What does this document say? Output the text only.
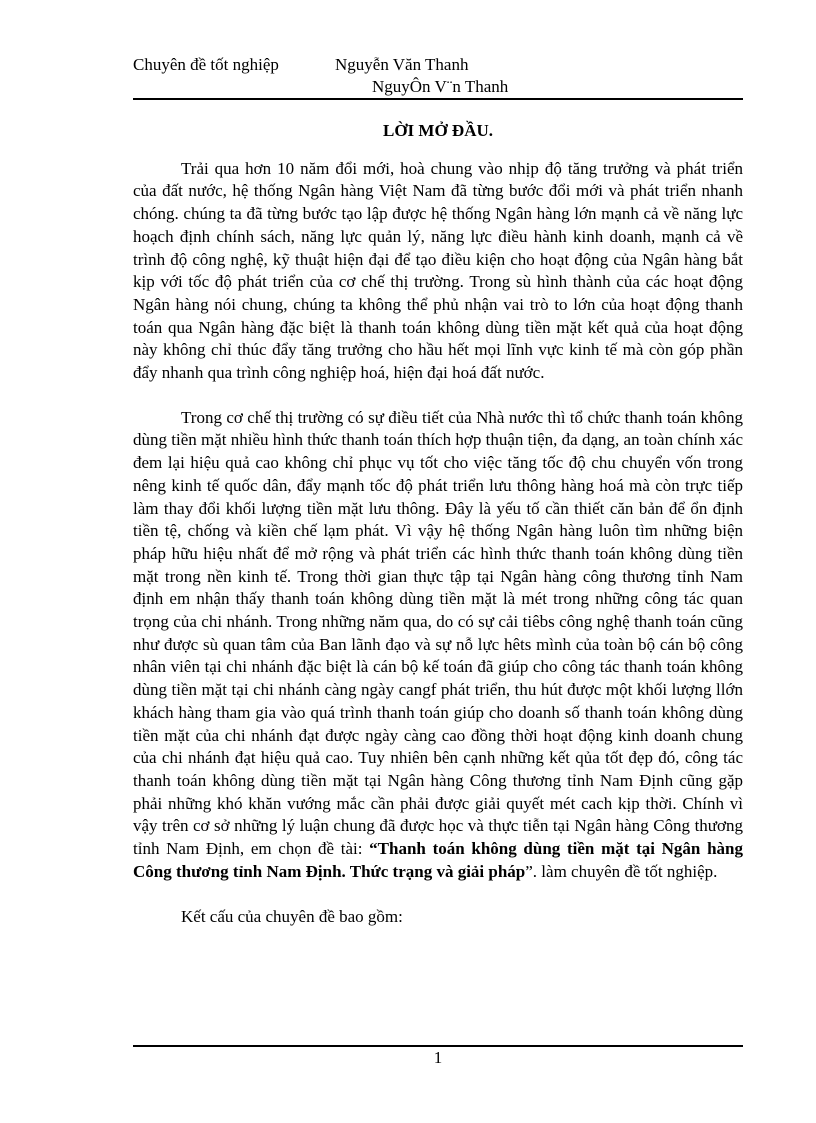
Chuyên đề tốt nghiệp	Nguyễn Văn Thanh
NguyÔn V¨n Thanh
LỜI MỞ ĐẦU.

Trải qua hơn 10 năm đổi mới, hoà chung vào nhịp độ tăng trưởng và phát triển của đất nước, hệ thống Ngân hàng Việt Nam đã từng bước đổi mới và phát triển nhanh chóng. chúng ta đã từng bước tạo lập được hệ thống Ngân hàng lớn mạnh cả về năng lực hoạch định chính sách, năng lực quản lý, năng lực điều hành kinh doanh, mạnh cả về trình độ công nghệ, kỹ thuật hiện đại để tạo điều kiện cho hoạt động của Ngân hàng bắt kịp với tốc độ phát triển của cơ chế thị trường. Trong sù hình thành của các hoạt động Ngân hàng nói chung, chúng ta không thể phủ nhận vai trò to lớn của hoạt động thanh toán qua Ngân hàng đặc biệt là thanh toán không dùng tiền mặt kết quả của hoạt động này không chỉ thúc đẩy tăng trưởng cho hầu hết mọi lĩnh vực kinh tế mà còn góp phần đẩy nhanh qua trình công nghiệp hoá, hiện đại hoá đất nước.

Trong cơ chế thị trường có sự điều tiết của Nhà nước thì tổ chức thanh toán không dùng tiền mặt nhiều hình thức thanh toán thích hợp thuận tiện, đa dạng, an toàn chính xác đem lại hiệu quả cao không chỉ phục vụ tốt cho việc tăng tốc độ chu chuyển vốn trong nêng kinh tế quốc dân, đẩy mạnh tốc độ phát triển lưu thông hàng hoá mà còn trực tiếp làm thay đổi khối lượng tiền mặt lưu thông. Đây là yếu tố cần thiết căn bản để ổn định tiền tệ, chống và kiền chế lạm phát. Vì vậy hệ thống Ngân hàng luôn tìm những biện pháp hữu hiệu nhất để mở rộng và phát triển các hình thức thanh toán không dùng tiền mặt trong nền kinh tế. Trong thời gian thực tập tại Ngân hàng công thương tỉnh Nam định em nhận thấy thanh toán không dùng tiền mặt là mét trong những công tác quan trọng của chi nhánh. Trong những năm qua, do có sự cải tiêbs công nghệ thanh toán cũng như được sù quan tâm của Ban lãnh đạo và sự nỗ lực hêts mình của toàn bộ cán bộ công nhân viên tại chi nhánh đặc biệt là cán bộ kế toán đã giúp cho công tác thanh toán không dùng tiền mặt tại chi nhánh càng ngày cangf phát triển, thu hút được một khối lượng llớn khách hàng tham gia vào quá trình thanh toán giúp cho doanh số thanh toán không dùng tiền mặt của chi nhánh đạt được ngày càng cao đồng thời hoạt động kinh doanh chung của chi nhánh đạt hiệu quả cao. Tuy nhiên bên cạnh những kết qủa tốt đẹp đó, công tác thanh toán không dùng tiền mặt tại Ngân hàng Công thương tỉnh Nam Định cũng gặp phải những khó khăn vướng mắc cần phải được giải quyết mét cach kịp thời. Chính vì vậy trên cơ sở những lý luận chung đã được học và thực tiễn tại Ngân hàng Công thương tỉnh Nam Định, em chọn đề tài: “Thanh toán không dùng tiền mặt tại Ngân hàng Công thương tỉnh Nam Định. Thức trạng và giải pháp”. làm chuyên đề tốt nghiệp.

Kết cấu của chuyên đề bao gồm:

1
